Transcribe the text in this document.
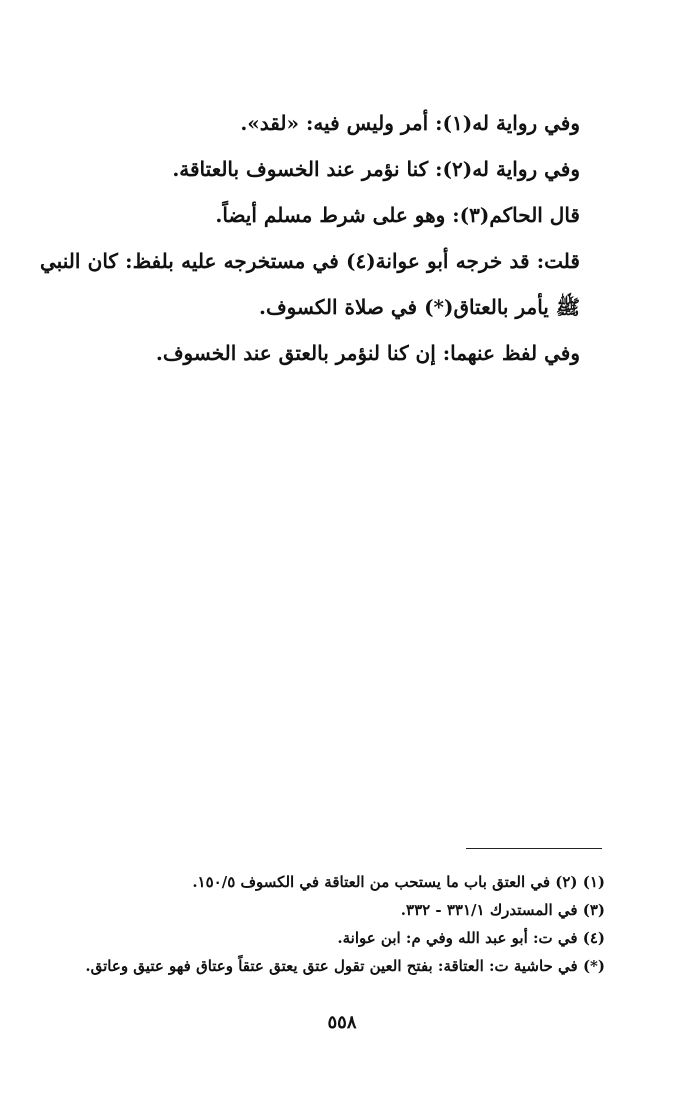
وفي رواية له(١): أمر وليس فيه: «لقد».

وفي رواية له(٢): كنا نؤمر عند الخسوف بالعتاقة.

قال الحاكم(٣): وهو على شرط مسلم أيضاً.

قلت: قد خرجه أبو عوانة(٤) في مستخرجه عليه بلفظ: كان النبي ﷺ يأمر بالعتاق(*) في صلاة الكسوف.

وفي لفظ عنهما: إن كنا لنؤمر بالعتق عند الخسوف.

(١) (٢) في العتق باب ما يستحب من العتاقة في الكسوف ١٥٠/٥.

(٣) في المستدرك ٣٣١/١ - ٣٣٢.

(٤) في ت: أبو عبد الله وفي م: ابن عوانة.

(*) في حاشية ت: العتاقة: بفتح العين تقول عتق يعتق عتقاً وعتاق فهو عتيق وعاتق.

٥٥٨
